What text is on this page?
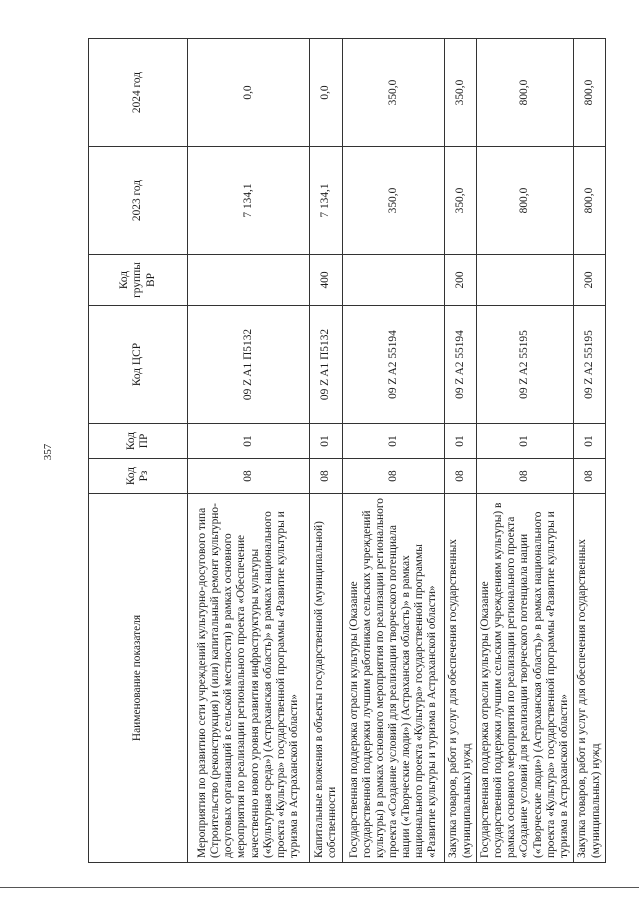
357
Наименование показателя	Код Рз	Код ПР	Код ЦСР	Код группы ВР	2023 год	2024 год
Мероприятия по развитию сети учреждений культурно-досугового типа (Строительство (реконструкция) и (или) капитальный ремонт культурно-досуговых организаций в сельской местности) в рамках основного мероприятия по реализации регионального проекта «Обеспечение качественно нового уровня развития инфраструктуры культуры («Культурная среда») (Астраханская область)» в рамках национального проекта «Культура» государственной программы «Развитие культуры и туризма в Астраханской области»	08	01	09 Z A1 П5132		7 134,1	0,0
Капитальные вложения в объекты государственной (муниципальной) собственности	08	01	09 Z A1 П5132	400	7 134,1	0,0
Государственная поддержка отрасли культуры (Оказание государственной поддержки лучшим работникам сельских учреждений культуры) в рамках основного мероприятия по реализации регионального проекта «Создание условий для реализации творческого потенциала нации («Творческие люди») (Астраханская область)» в рамках национального проекта «Культура» государственной программы «Развитие культуры и туризма в Астраханской области»	08	01	09 Z A2 55194		350,0	350,0
Закупка товаров, работ и услуг для обеспечения государственных (муниципальных) нужд	08	01	09 Z A2 55194	200	350,0	350,0
Государственная поддержка отрасли культуры (Оказание государственной поддержки лучшим сельским учреждениям культуры) в рамках основного мероприятия по реализации регионального проекта «Создание условий для реализации творческого потенциала нации («Творческие люди») (Астраханская область)» в рамках национального проекта «Культура» государственной программы «Развитие культуры и туризма в Астраханской области»	08	01	09 Z A2 55195		800,0	800,0
Закупка товаров, работ и услуг для обеспечения государственных (муниципальных) нужд	08	01	09 Z A2 55195	200	800,0	800,0
